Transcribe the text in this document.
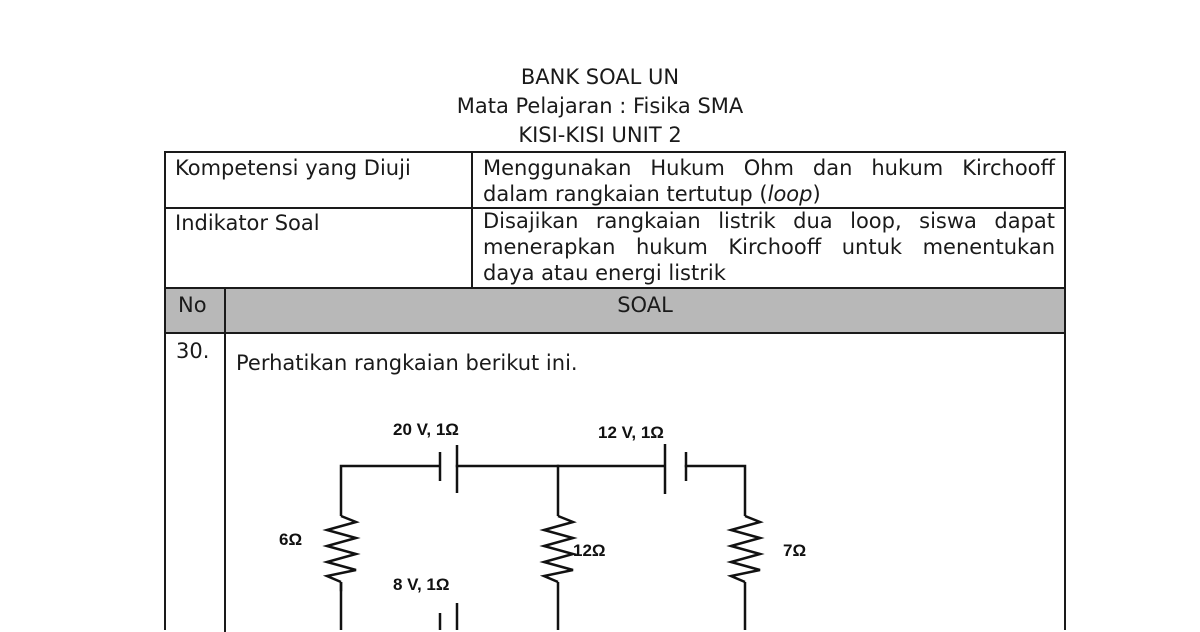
BANK SOAL UN
Mata Pelajaran : Fisika SMA
KISI-KISI UNIT 2
Kompetensi yang Diuji	Menggunakan Hukum Ohm dan hukum Kirchooff dalam rangkaian tertutup (loop)
Indikator Soal	Disajikan rangkaian listrik dua loop, siswa dapat menerapkan hukum Kirchooff untuk menentukan daya atau energi listrik
No	SOAL
30. Perhatikan rangkaian berikut ini.
20 V, 1Ω	12 V, 1Ω
8 V, 1Ω
6Ω
12Ω	7Ω
